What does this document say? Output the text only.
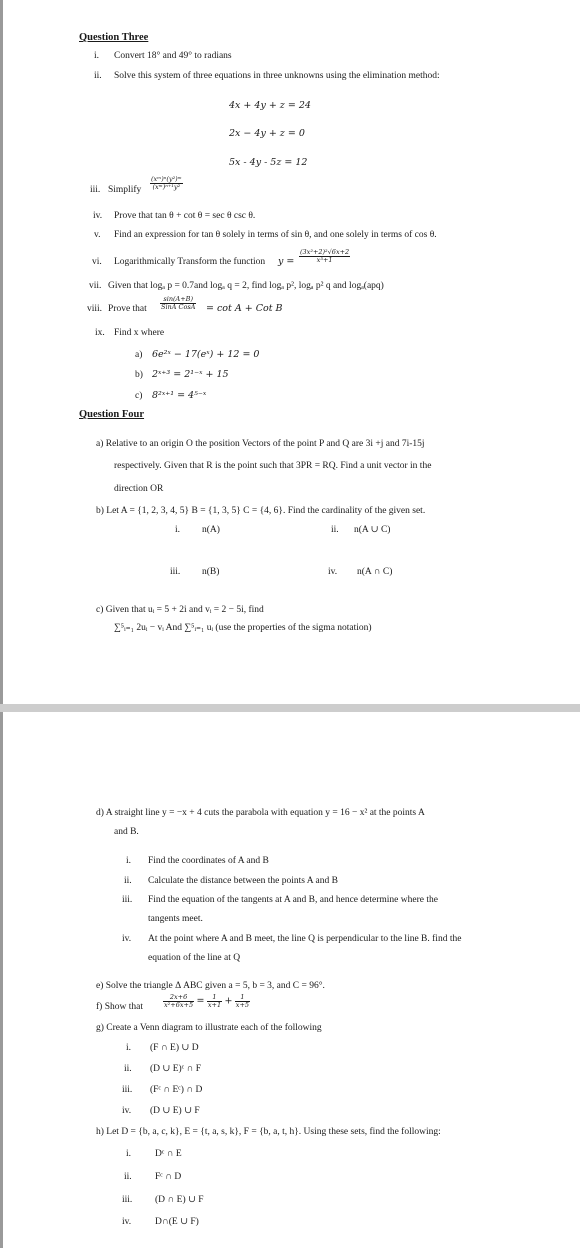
Question Three
i. Convert 18° and 49° to radians
ii. Solve this system of three equations in three unknowns using the elimination method:
4x + 4y + z = 24
2x − 4y + z = 0
5x - 4y - 5z = 12
iii. Simplify $\frac{\text{(xᵐ)ⁿ(y²)ᵐ}}{\text{(xᵐ)ⁿ⁺¹y²}}$
iv. Prove that tan θ + cot θ = sec θ csc θ.
v. Find an expression for tan θ solely in terms of sin θ, and one solely in terms of cos θ.
vi. Logarithmically Transform the function $y = \frac{\text{(3x²+2)²√6x+2}}{\text{x³+1}}$
vii. Given that logₐ p = 0.7and logₐ q = 2, find logₐ p², logₐ p² q and logₐ(apq)
viii. Prove that $\frac{\sin(A+B)}{\text{SinA CosA}} = \cot A$ + Cot B
ix. Find x where
a) 6e²ˣ − 17(eˣ) + 12 = 0
b) 2ˣ⁺³ = 2¹⁻ˣ + 15
c) 8²ˣ⁺¹ = 4⁵⁻ˣ
Question Four
a) Relative to an origin O the position Vectors of the point P and Q are 3i +j and 7i-15j
respectively. Given that R is the point such that 3PR = RQ. Find a unit vector in the
direction OR
b) Let A = {1, 2, 3, 4, 5} B = {1, 3, 5} C = {4, 6}. Find the cardinality of the given set.
i. n(A)	ii. n(A ∪ C)
iii. n(B)	iv. n(A ∩ C)
c) Given that uᵢ = 5 + 2i and vᵢ = 2 − 5i, find
∑⁵ᵢ₌₁ 2uᵢ − vᵢ And ∑⁵ᵢ₌₁ uᵢ (use the properties of the sigma notation)
d) A straight line y = −x + 4 cuts the parabola with equation y = 16 − x² at the points A
and B.
i. Find the coordinates of A and B
ii. Calculate the distance between the points A and B
iii. Find the equation of the tangents at A and B, and hence determine where the
tangents meet.
iv. At the point where A and B meet, the line Q is perpendicular to the line B. find the
equation of the line at Q
e) Solve the triangle Δ ABC given a = 5, b = 3, and C = 96°.
f) Show that	$\frac{2x+6}{\text{x²+6x+5}} = \frac{1}{x+1} + \frac{1}{x+5}$
g) Create a Venn diagram to illustrate each of the following
i. (F ∩ E) ∪ D
ii. (D ∪ E)ᶜ ∩ F
iii. (Fᶜ ∩ Eᶜ) ∩ D
iv. (D ∪ E) ∪ F
h) Let D = {b, a, c, k}, E = {t, a, s, k}, F = {b, a, t, h}. Using these sets, find the following:
i.	Dᶜ ∩ E
ii. Fᶜ ∩ D
iii. (D ∩ E) ∪ F
iv.	D∩(E ∪ F)
